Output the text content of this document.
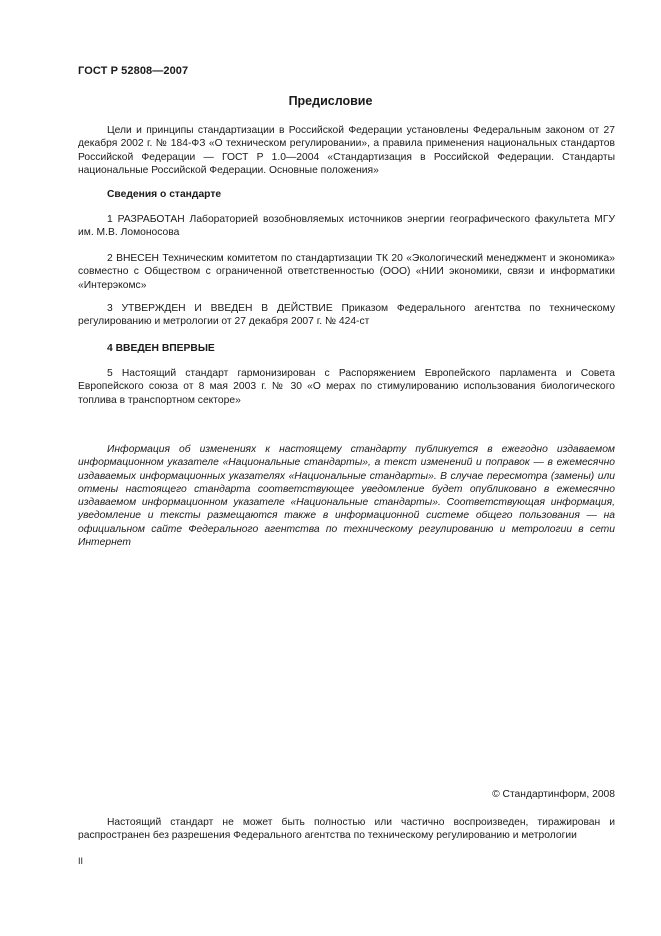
ГОСТ Р 52808—2007
Предисловие
Цели и принципы стандартизации в Российской Федерации установлены Федеральным законом от 27 декабря 2002 г. № 184-ФЗ «О техническом регулировании», а правила применения национальных стандартов Российской Федерации — ГОСТ Р 1.0—2004 «Стандартизация в Российской Федерации. Стандарты национальные Российской Федерации. Основные положения»
Сведения о стандарте
1 РАЗРАБОТАН Лабораторией возобновляемых источников энергии географического факультета МГУ им. М.В. Ломоносова
2 ВНЕСЕН Техническим комитетом по стандартизации ТК 20 «Экологический менеджмент и экономика» совместно с Обществом с ограниченной ответственностью (ООО) «НИИ экономики, связи и информатики «Интерэкомс»
3 УТВЕРЖДЕН И ВВЕДЕН В ДЕЙСТВИЕ Приказом Федерального агентства по техническому регулированию и метрологии от 27 декабря 2007 г. № 424-ст
4 ВВЕДЕН ВПЕРВЫЕ
5 Настоящий стандарт гармонизирован с Распоряжением Европейского парламента и Совета Европейского союза от 8 мая 2003 г. № 30 «О мерах по стимулированию использования биологического топлива в транспортном секторе»
Информация об изменениях к настоящему стандарту публикуется в ежегодно издаваемом информационном указателе «Национальные стандарты», а текст изменений и поправок — в ежемесячно издаваемых информационных указателях «Национальные стандарты». В случае пересмотра (замены) или отмены настоящего стандарта соответствующее уведомление будет опубликовано в ежемесячно издаваемом информационном указателе «Национальные стандарты». Соответствующая информация, уведомление и тексты размещаются также в информационной системе общего пользования — на официальном сайте Федерального агентства по техническому регулированию и метрологии в сети Интернет
© Стандартинформ, 2008
Настоящий стандарт не может быть полностью или частично воспроизведен, тиражирован и распространен без разрешения Федерального агентства по техническому регулированию и метрологии
II
